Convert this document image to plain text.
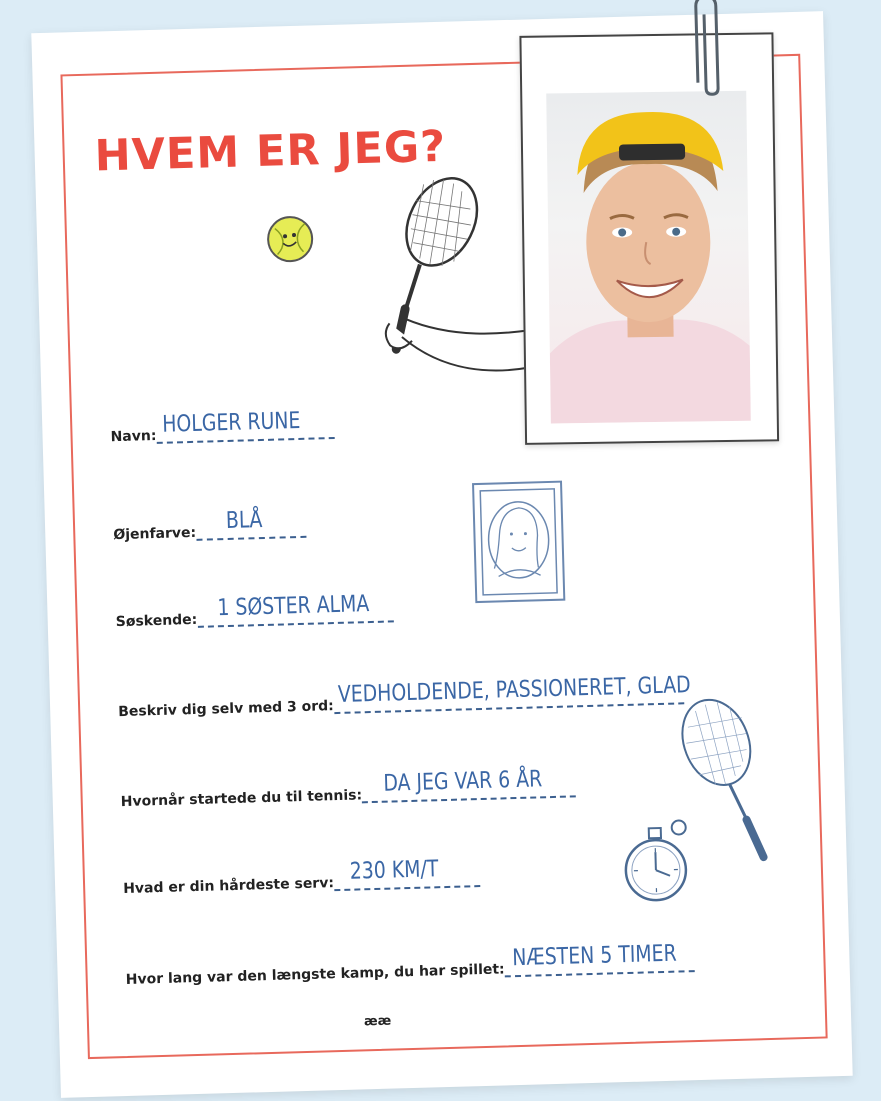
HVEM ER JEG?
Navn: HOLGER RUNE
Øjenfarve: BLÅ
Søskende: 1 SØSTER ALMA
Beskriv dig selv med 3 ord:
VEDHOLDENDE, PASSIONERET, GLAD
Hvornår startede du til tennis:
DA JEG VAR 6 ÅR
Hvad er din hårdeste serv:
230 KM/T
Hvor lang var den længste kamp, du har spillet:
NÆSTEN 5 TIMER
ææ
